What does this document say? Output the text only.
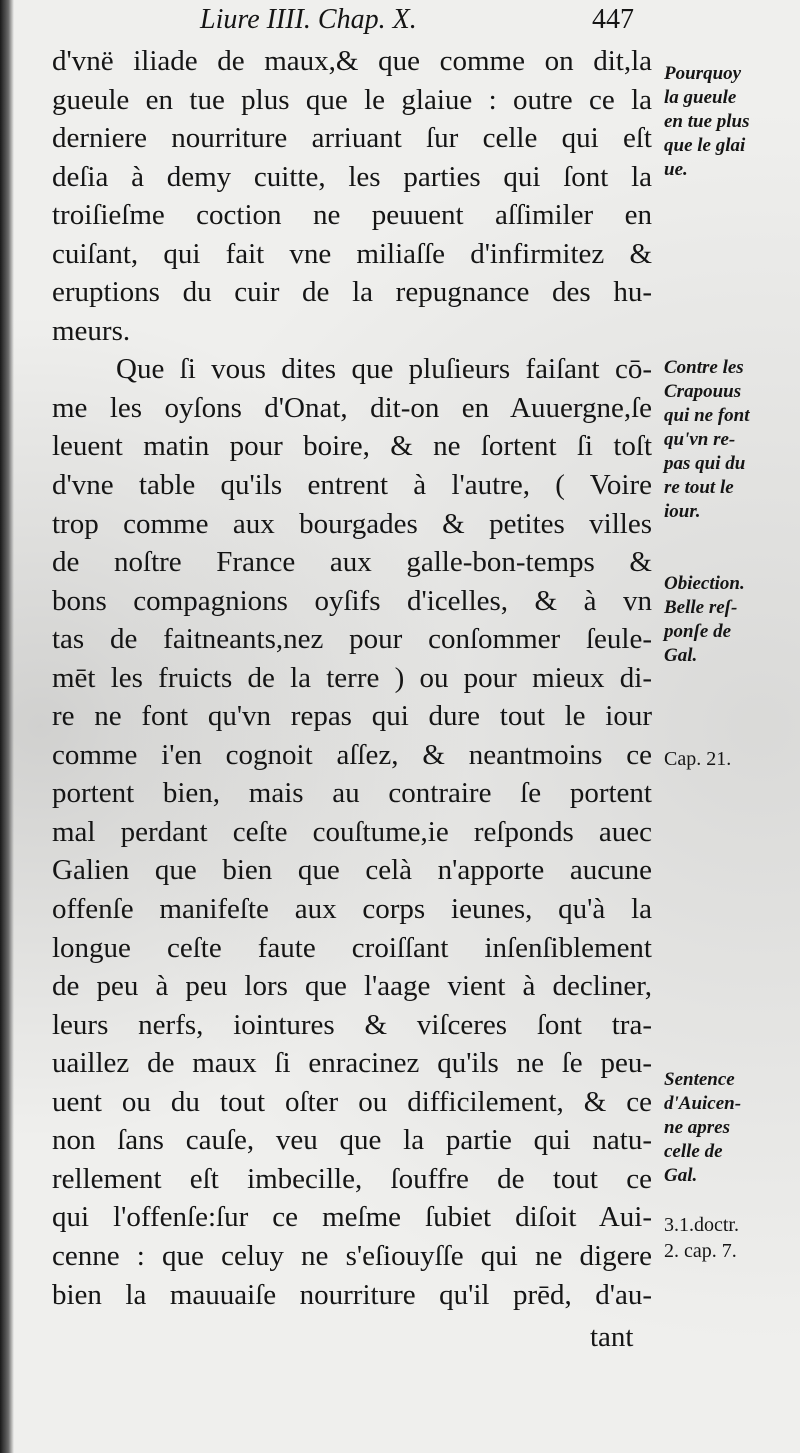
Liure IIII. Chap. X.	447
d'vnë iliade de maux,& que comme on dit,la
gueule en tue plus que le glaiue : outre ce la
derniere nourriture arriuant ſur celle qui eſt
deſia à demy cuitte, les parties qui ſont la
troiſieſme coction ne peuuent aſſimiler en
cuiſant, qui fait vne miliaſſe d'infirmitez &
eruptions du cuir de la repugnance des hu-
meurs.
Que ſi vous dites que pluſieurs faiſant cō-
me les oyſons d'Onat, dit-on en Auuergne,ſe
leuent matin pour boire, & ne ſortent ſi toſt
d'vne table qu'ils entrent à l'autre, ( Voire
trop comme aux bourgades & petites villes
de noſtre France aux galle-bon-temps &
bons compagnions oyſifs d'icelles, & à vn
tas de faitneants,nez pour conſommer ſeule-
mēt les fruicts de la terre ) ou pour mieux di-
re ne font qu'vn repas qui dure tout le iour
comme i'en cognoit aſſez, & neantmoins ce
portent bien, mais au contraire ſe portent
mal perdant ceſte couſtume,ie reſponds auec
Galien que bien que celà n'apporte aucune
offenſe manifeſte aux corps ieunes, qu'à la
longue ceſte faute croiſſant inſenſiblement
de peu à peu lors que l'aage vient à decliner,
leurs nerfs, iointures & viſceres ſont tra-
uaillez de maux ſi enracinez qu'ils ne ſe peu-
uent ou du tout oſter ou difficilement, & ce
non ſans cauſe, veu que la partie qui natu-
rellement eſt imbecille, ſouffre de tout ce
qui l'offenſe:ſur ce meſme ſubiet diſoit Aui-
cenne : que celuy ne s'eſiouyſſe qui ne digere
bien la mauuaiſe nourriture qu'il prēd, d'au-
tant
Pourquoy
la gueule
en tue plus
que le glai
ue.
Contre les
Crapouus
qui ne font
qu'vn re-
pas qui du
re tout le
iour.
Obiection.
Belle reſ-
ponſe de
Gal.
Cap. 21.
Sentence
d'Auicen-
ne apres
celle de
Gal.
3.1.doctr.
2. cap. 7.
